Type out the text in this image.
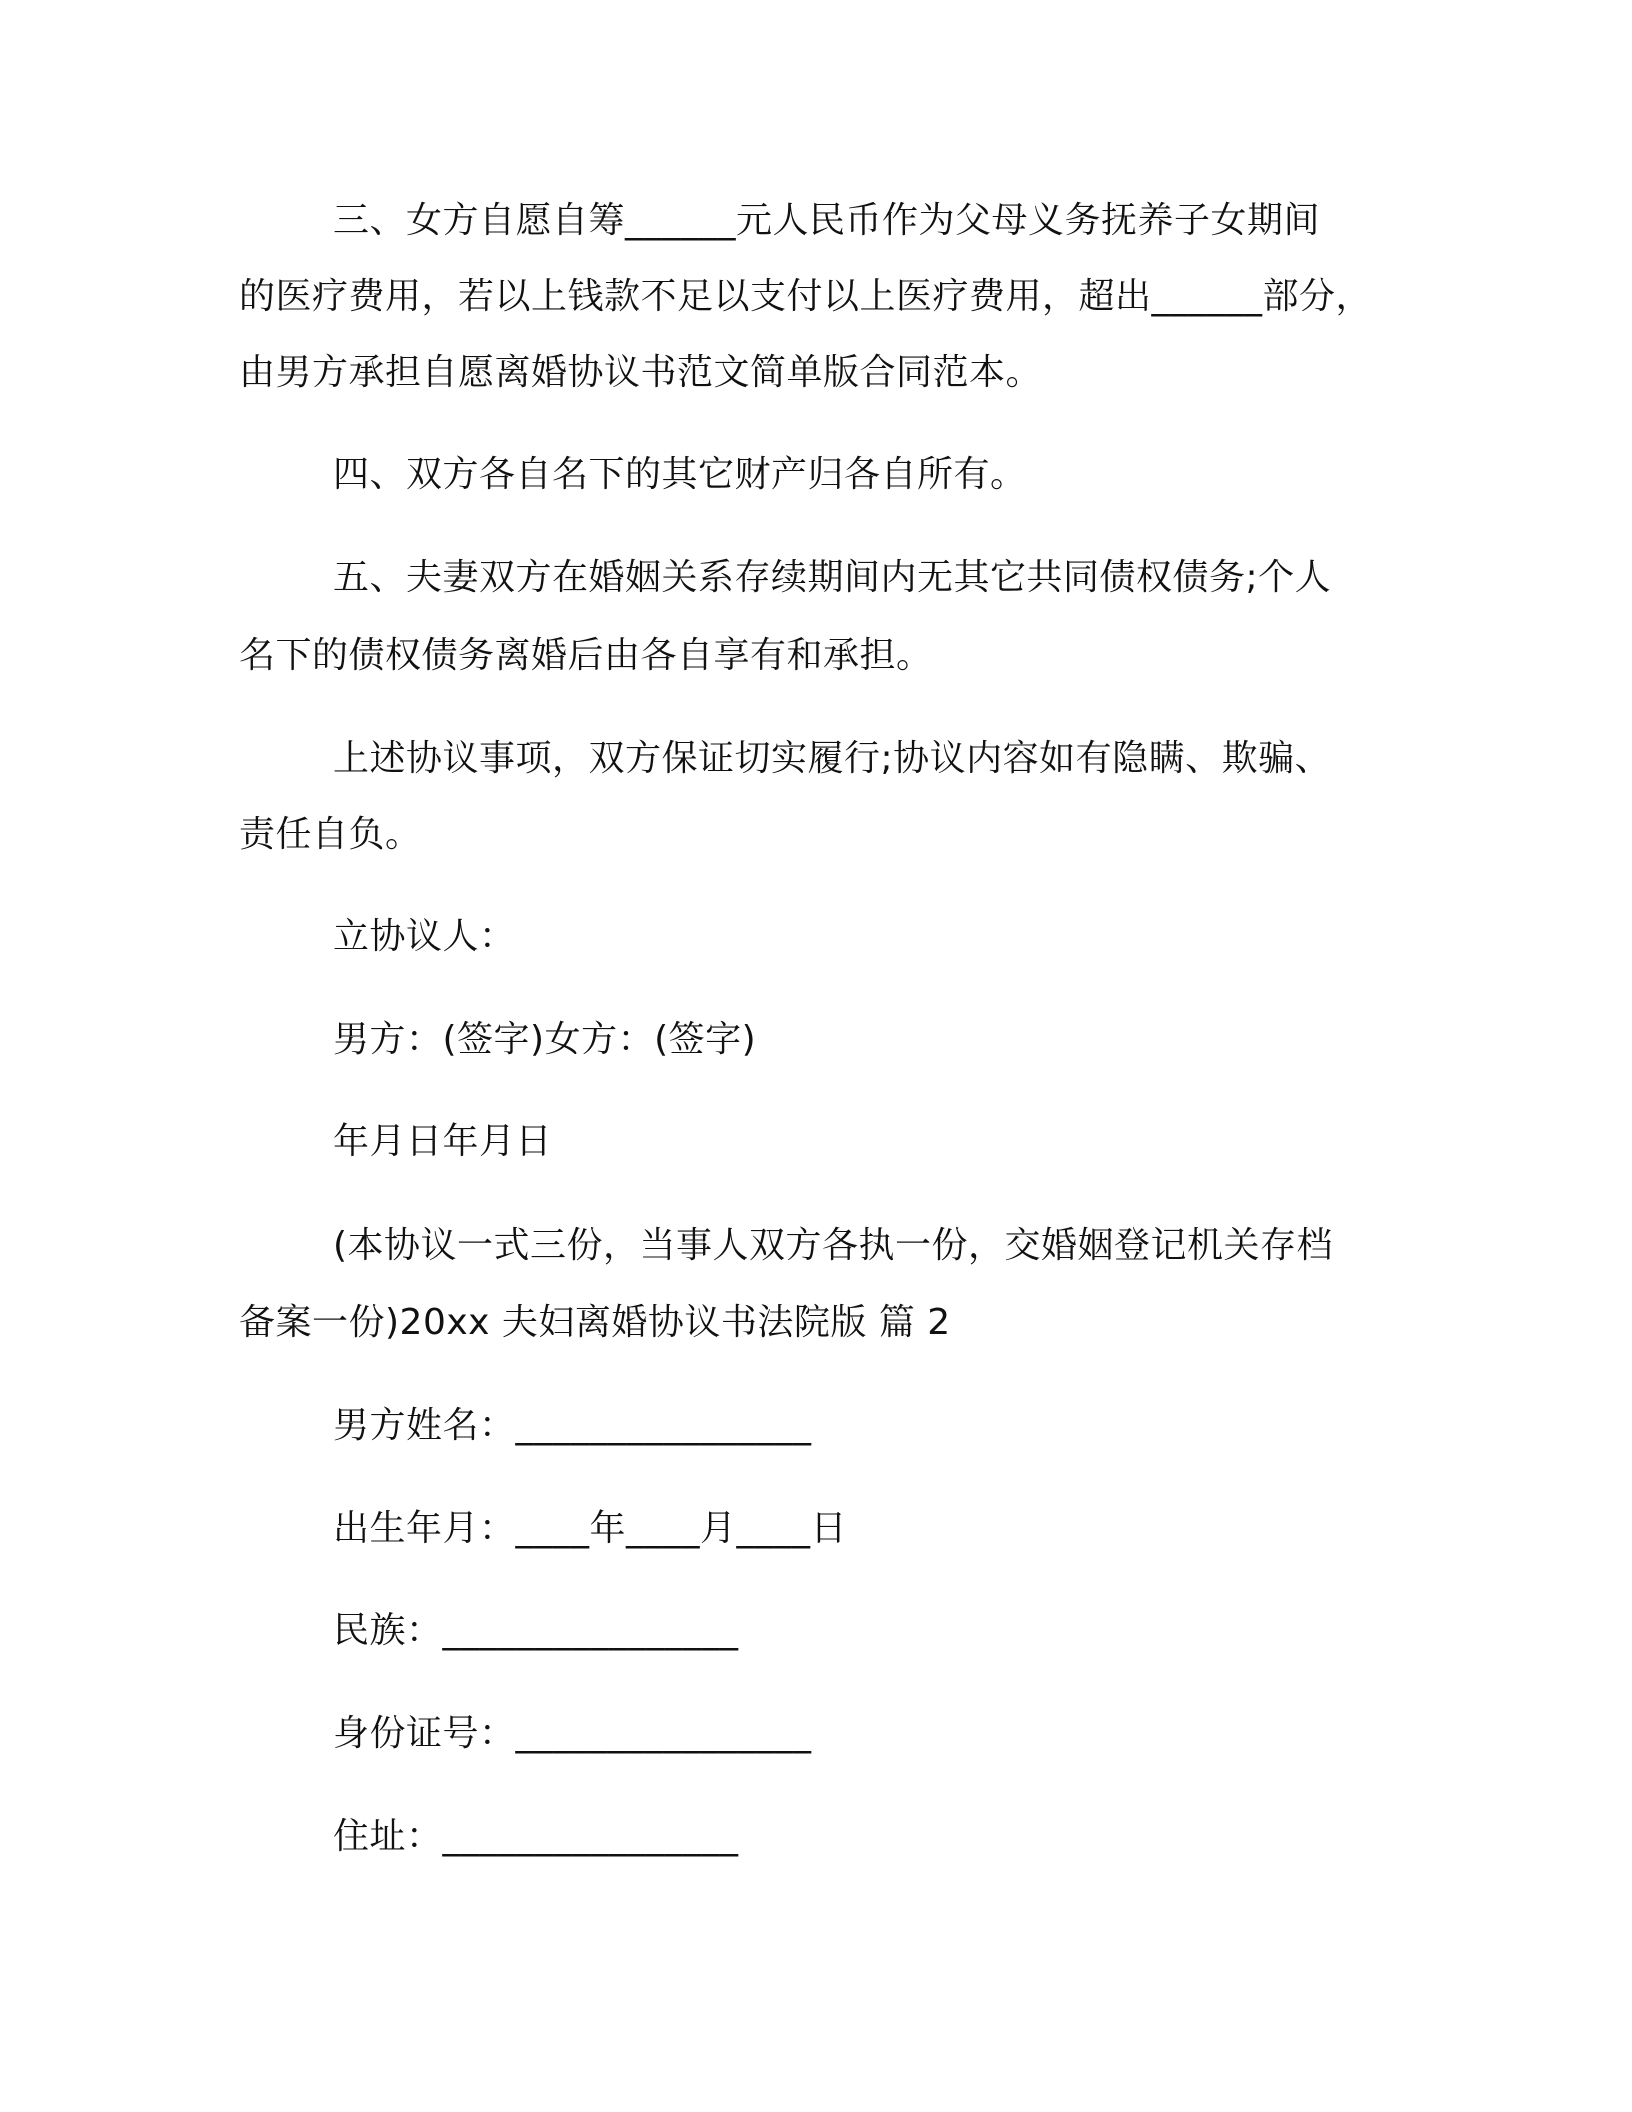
三、女方自愿自筹______元人民币作为父母义务抚养子女期间
的医疗费用，若以上钱款不足以支付以上医疗费用，超出______部分，
由男方承担自愿离婚协议书范文简单版合同范本。
四、双方各自名下的其它财产归各自所有。
五、夫妻双方在婚姻关系存续期间内无其它共同债权债务;个人
名下的债权债务离婚后由各自享有和承担。
上述协议事项，双方保证切实履行;协议内容如有隐瞒、欺骗、
责任自负。
立协议人：
男方：(签字)女方：(签字)
年月日年月日
(本协议一式三份，当事人双方各执一份，交婚姻登记机关存档
备案一份)20xx 夫妇离婚协议书法院版 篇 2
男方姓名：________________
出生年月：____年____月____日
民族：________________
身份证号：________________
住址：________________
